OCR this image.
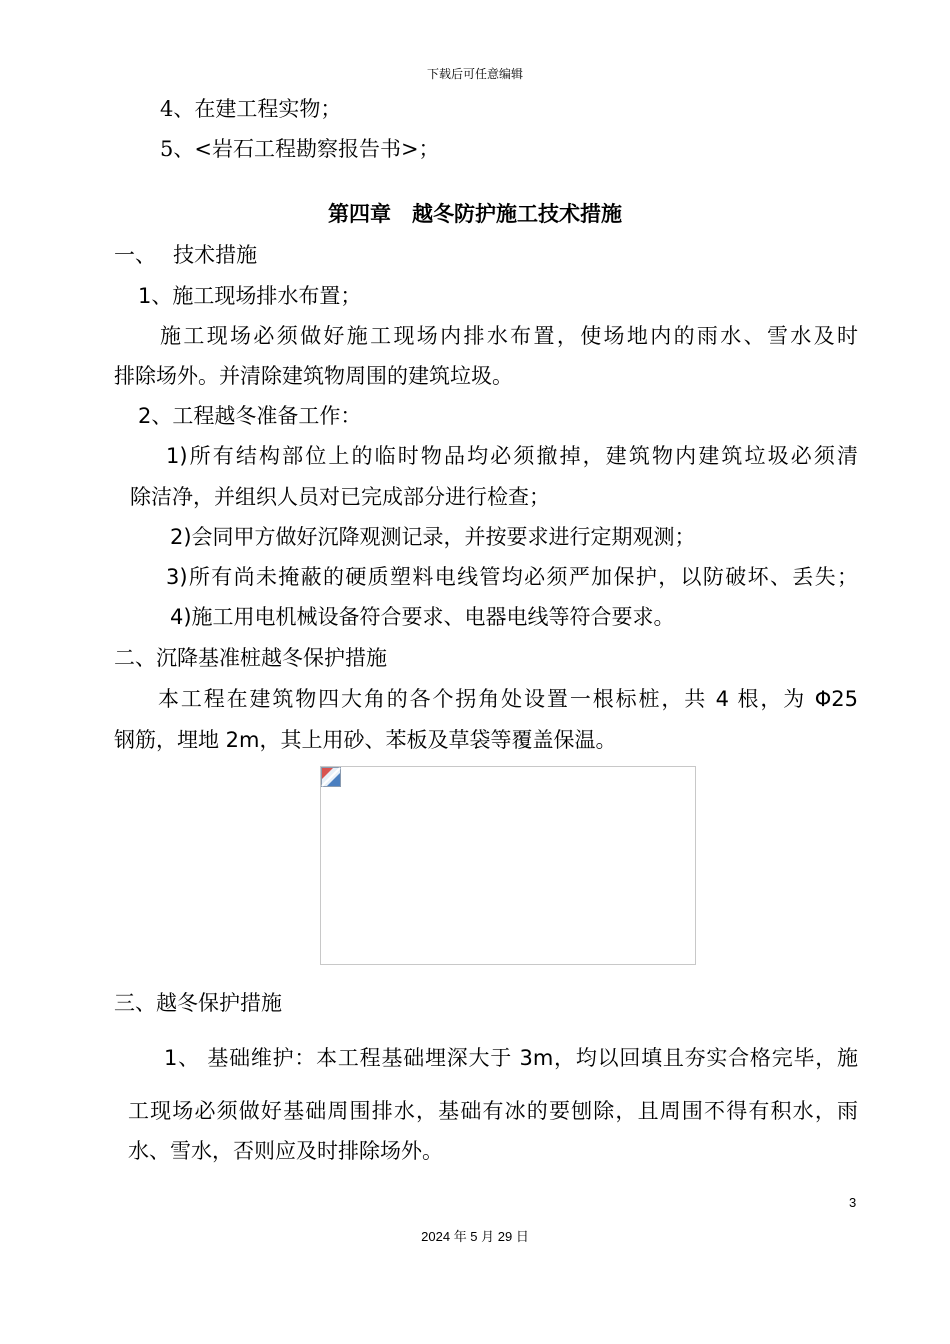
下载后可任意编辑
4、在建工程实物；
5、<岩石工程勘察报告书>；
第四章　越冬防护施工技术措施
一、　 技术措施
1、施工现场排水布置；
施工现场必须做好施工现场内排水布置，使场地内的雨水、雪水及时
排除场外。并清除建筑物周围的建筑垃圾。
2、工程越冬准备工作：
1)所有结构部位上的临时物品均必须撤掉，建筑物内建筑垃圾必须清
除洁净，并组织人员对已完成部分进行检查；
2)会同甲方做好沉降观测记录，并按要求进行定期观测；
3)所有尚未掩蔽的硬质塑料电线管均必须严加保护，以防破坏、丢失；
4)施工用电机械设备符合要求、电器电线等符合要求。
二、沉降基准桩越冬保护措施
本工程在建筑物四大角的各个拐角处设置一根标桩，共 4 根，为 Φ25
钢筋，埋地 2m，其上用砂、苯板及草袋等覆盖保温。
三、越冬保护措施
1、 基础维护：本工程基础埋深大于 3m，均以回填且夯实合格完毕，施
工现场必须做好基础周围排水，基础有冰的要刨除，且周围不得有积水，雨
水、雪水，否则应及时排除场外。
3
2024 年 5 月 29 日
